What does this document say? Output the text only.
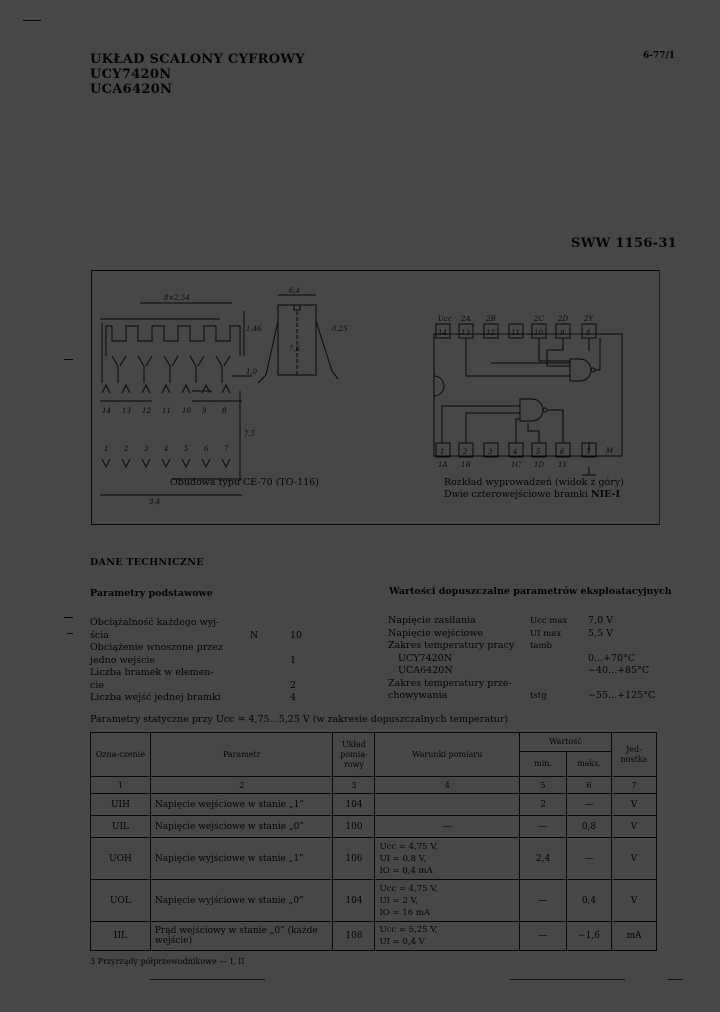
UKŁAD SCALONY CYFROWY
UCY7420N
UCA6420N
6-77/1
SWW 1156-31
8×2,54
1,46
1,0
6,4
7,6
0,25
7,5
3,4
14 13 12 11 10 9 8
1 2 3 4 5 6 7
14 13 12 11 10 9	8
Ucc 2A 2B	2C 2D 2Y
1	2	3	4	5	6	7
1A 1B	1C 1D 1Y
M
Obudowa typu CE-70 (TO-116)	Rozkład wyprowadzeń (widok z góry)
Dwie czterowejściowe bramki NIE-I
DANE TECHNICZNE
Parametry podstawowe
Obciążalność każdego wyj-
ścia	N	10
Obciążenie wnoszone przez
jedno wejście	1
Liczba bramek w elemen-
cie	2
Liczba wejść jednej bramki	4
Wartości dopuszczalne parametrów eksploatacyjnych
Napięcie zasilania	Ucc max 7,0 V
Napięcie wejściowe	UI max	5,5 V
Zakres temperatury pracy tamb
UCY7420N	0...+70°C
UCA6420N	−40...+85°C
Zakres temperatury prze-
chowywania	tstg	−55...+125°C
Parametry statyczne przy Ucc = 4,75...5,25 V (w zakresie dopuszczalnych temperatur)
Ozna-czenie	Parametr	Układ pomia-rowy	Warunki pomiaru	Wartość		Jed-nostka
				min.	maks.	
1	2	3	4	5	6	7
UIH	Napięcie wejściowe w stanie „1”	104		2	—	V
UIL	Napięcie wejściowe w stanie „0”	100	—	—	0,8	V
UOH	Napięcie wyjściowe w stanie „1”	106	Ucc = 4,75 V,
UI = 0,8 V,
IO = 0,4 mA	2,4	—	V
UOL	Napięcie wyjściowe w stanie „0”	104	Ucc = 4,75 V,
UI = 2 V,
IO = 16 mA	—	0,4	V
IIL	Prąd wejściowy w stanie „0” (każde wejście)	108	Ucc = 5,25 V,
UI = 0,4 V	—	−1,6	mA
3 Przyrządy półprzewodnikowe — I, II
